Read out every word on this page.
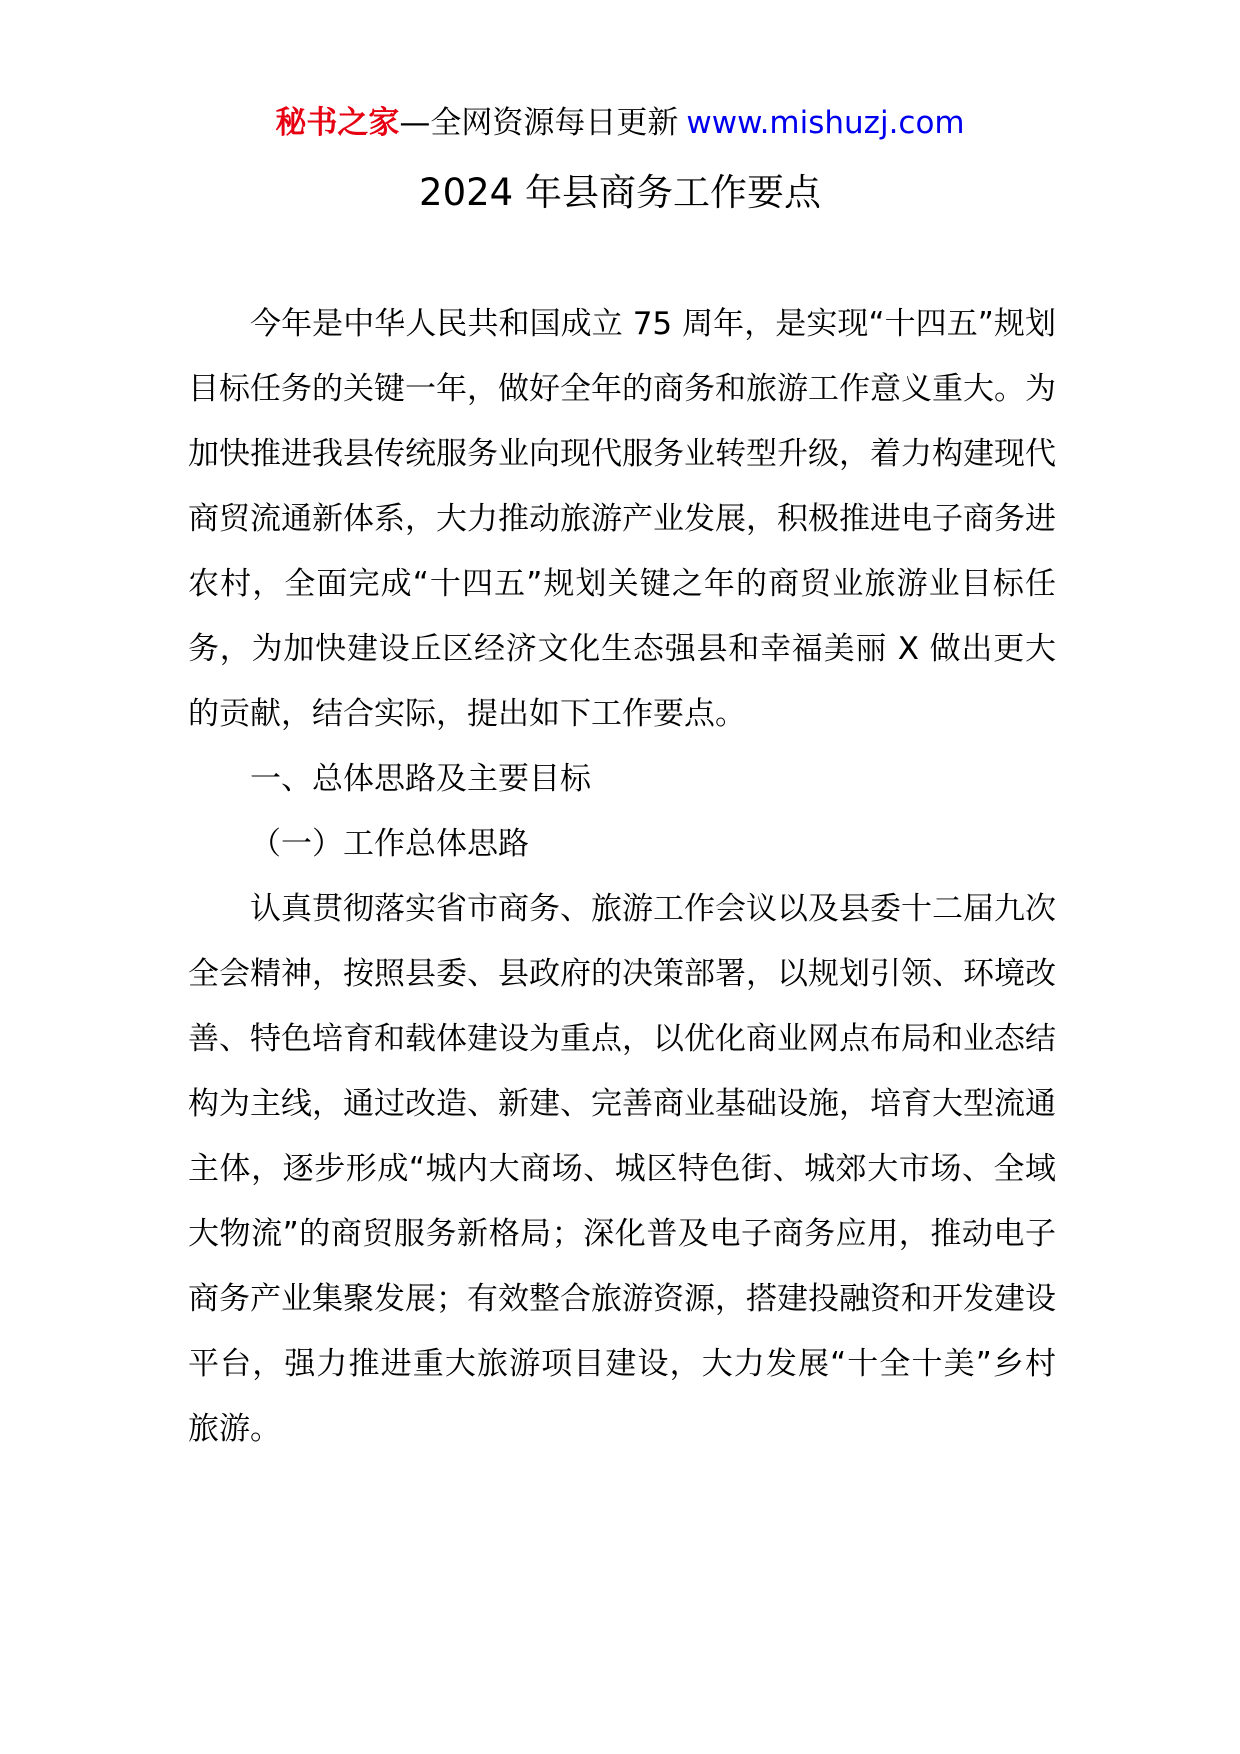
秘书之家—全网资源每日更新 www.mishuzj.com
2024 年县商务工作要点

今年是中华人民共和国成立 75 周年，是实现“十四五”规划目标任务的关键一年，做好全年的商务和旅游工作意义重大。为加快推进我县传统服务业向现代服务业转型升级，着力构建现代商贸流通新体系，大力推动旅游产业发展，积极推进电子商务进农村，全面完成“十四五”规划关键之年的商贸业旅游业目标任务，为加快建设丘区经济文化生态强县和幸福美丽 X 做出更大的贡献，结合实际，提出如下工作要点。

一、总体思路及主要目标

（一）工作总体思路

认真贯彻落实省市商务、旅游工作会议以及县委十二届九次全会精神，按照县委、县政府的决策部署，以规划引领、环境改善、特色培育和载体建设为重点，以优化商业网点布局和业态结构为主线，通过改造、新建、完善商业基础设施，培育大型流通主体，逐步形成“城内大商场、城区特色街、城郊大市场、全域大物流”的商贸服务新格局；深化普及电子商务应用，推动电子商务产业集聚发展；有效整合旅游资源，搭建投融资和开发建设平台，强力推进重大旅游项目建设，大力发展“十全十美”乡村旅游。
